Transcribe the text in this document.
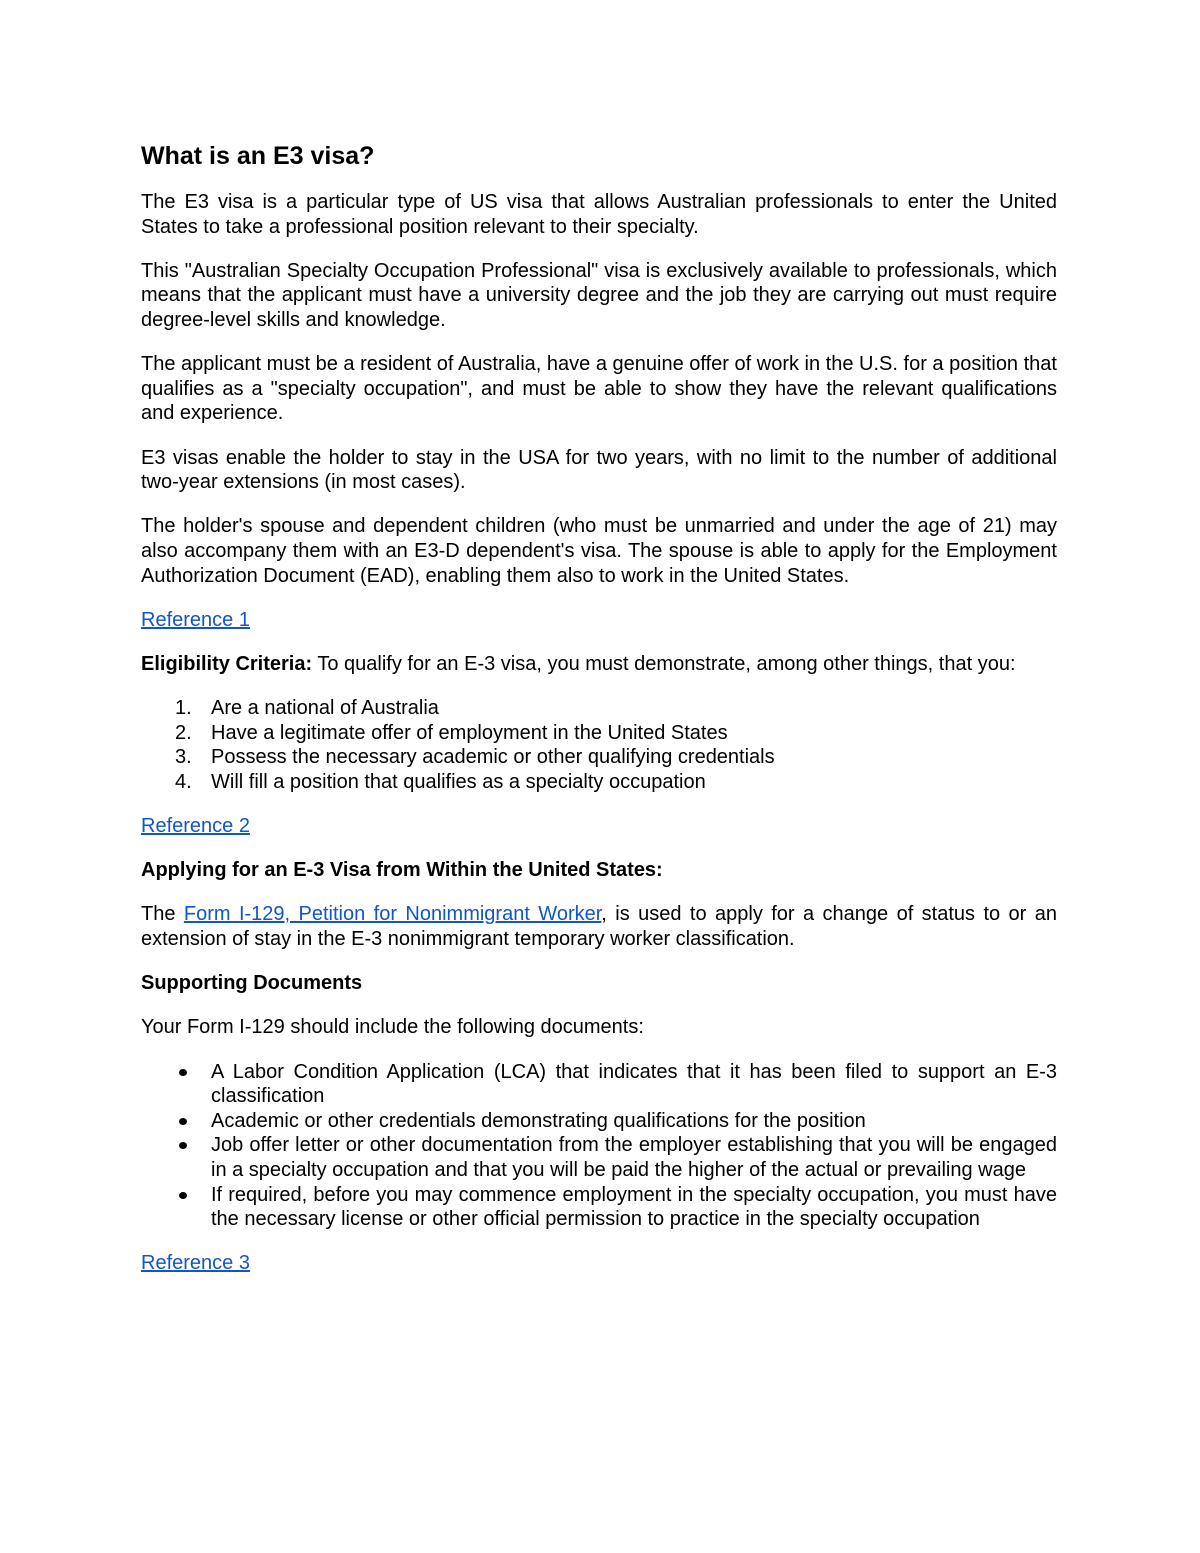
What is an E3 visa?

The E3 visa is a particular type of US visa that allows Australian professionals to enter the United States to take a professional position relevant to their specialty.

This "Australian Specialty Occupation Professional" visa is exclusively available to professionals, which means that the applicant must have a university degree and the job they are carrying out must require degree-level skills and knowledge.

The applicant must be a resident of Australia, have a genuine offer of work in the U.S. for a position that qualifies as a "specialty occupation", and must be able to show they have the relevant qualifications and experience.

E3 visas enable the holder to stay in the USA for two years, with no limit to the number of additional two-year extensions (in most cases).

The holder's spouse and dependent children (who must be unmarried and under the age of 21) may also accompany them with an E3-D dependent's visa. The spouse is able to apply for the Employment Authorization Document (EAD), enabling them also to work in the United States.

Reference 1

Eligibility Criteria: To qualify for an E-3 visa, you must demonstrate, among other things, that you:

1. Are a national of Australia
2. Have a legitimate offer of employment in the United States
3. Possess the necessary academic or other qualifying credentials
4. Will fill a position that qualifies as a specialty occupation

Reference 2

Applying for an E-3 Visa from Within the United States:

The Form I-129, Petition for Nonimmigrant Worker, is used to apply for a change of status to or an extension of stay in the E-3 nonimmigrant temporary worker classification.

Supporting Documents

Your Form I-129 should include the following documents:

A Labor Condition Application (LCA) that indicates that it has been filed to support an E-3 classification
Academic or other credentials demonstrating qualifications for the position
Job offer letter or other documentation from the employer establishing that you will be engaged in a specialty occupation and that you will be paid the higher of the actual or prevailing wage
If required, before you may commence employment in the specialty occupation, you must have the necessary license or other official permission to practice in the specialty occupation

Reference 3
